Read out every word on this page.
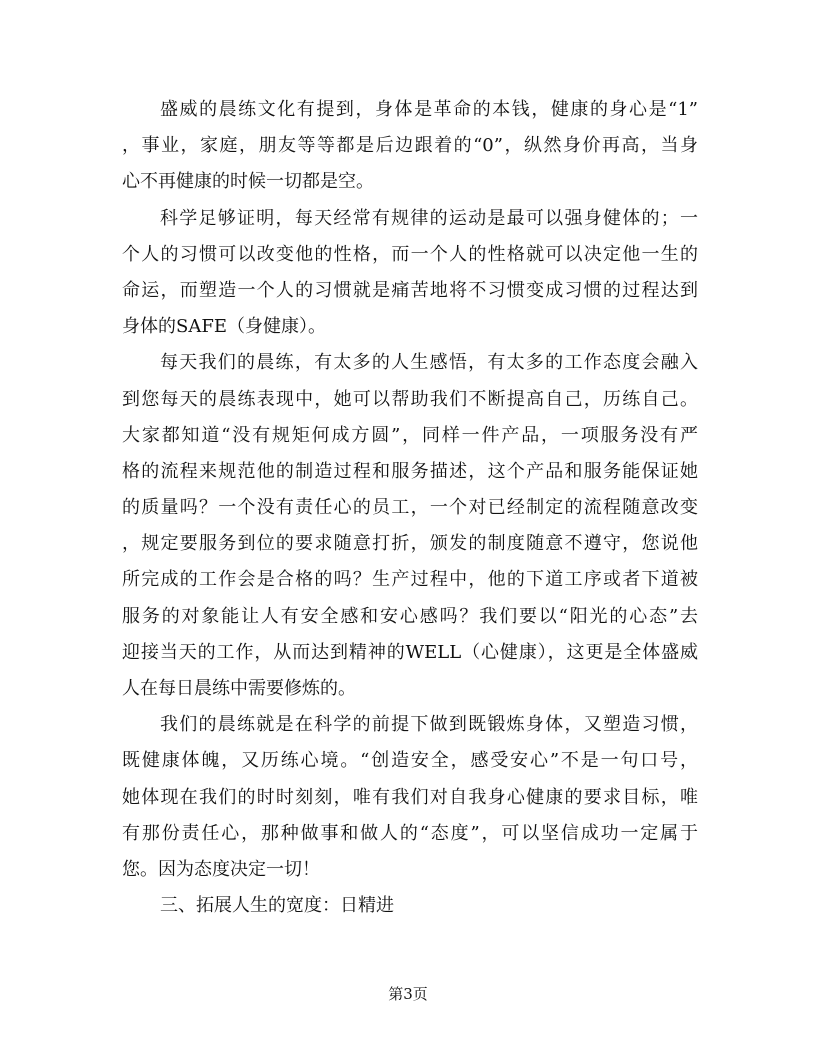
盛威的晨练文化有提到，身体是革命的本钱，健康的身心是“1”
，事业，家庭，朋友等等都是后边跟着的“0”，纵然身价再高，当身
心不再健康的时候一切都是空。
科学足够证明，每天经常有规律的运动是最可以强身健体的；一
个人的习惯可以改变他的性格，而一个人的性格就可以决定他一生的
命运，而塑造一个人的习惯就是痛苦地将不习惯变成习惯的过程达到
身体的SAFE（身健康）。
每天我们的晨练，有太多的人生感悟，有太多的工作态度会融入
到您每天的晨练表现中，她可以帮助我们不断提高自己，历练自己。
大家都知道“没有规矩何成方圆”，同样一件产品，一项服务没有严
格的流程来规范他的制造过程和服务描述，这个产品和服务能保证她
的质量吗？一个没有责任心的员工，一个对已经制定的流程随意改变
，规定要服务到位的要求随意打折，颁发的制度随意不遵守，您说他
所完成的工作会是合格的吗？生产过程中，他的下道工序或者下道被
服务的对象能让人有安全感和安心感吗？我们要以“阳光的心态”去
迎接当天的工作，从而达到精神的WELL（心健康），这更是全体盛威
人在每日晨练中需要修炼的。
我们的晨练就是在科学的前提下做到既锻炼身体，又塑造习惯，
既健康体魄，又历练心境。“创造安全，感受安心”不是一句口号，
她体现在我们的时时刻刻，唯有我们对自我身心健康的要求目标，唯
有那份责任心，那种做事和做人的“态度”，可以坚信成功一定属于
您。因为态度决定一切！
三、拓展人生的宽度：日精进
第3页
